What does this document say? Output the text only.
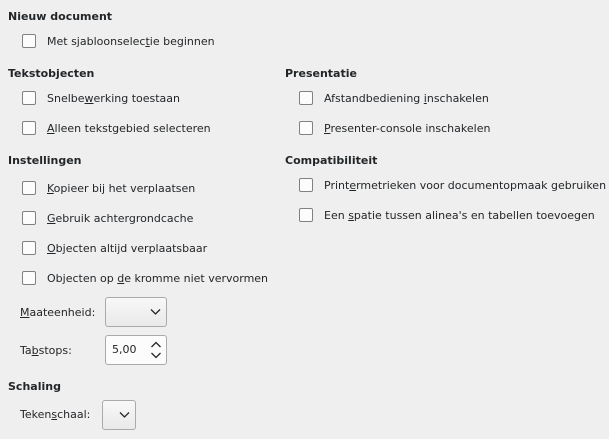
Nieuw document
Met sjabloonselectie beginnen
Tekstobjecten
Snelbewerking toestaan
Alleen tekstgebied selecteren
Presentatie
Afstandbediening inschakelen
Presenter-console inschakelen
Instellingen
Kopieer bij het verplaatsen
Gebruik achtergrondcache
Objecten altijd verplaatsbaar
Objecten op de kromme niet vervormen
Maateenheid:
Tabstops:	5,00
Compatibiliteit
Printermetrieken voor documentopmaak gebruiken
Een spatie tussen alinea's en tabellen toevoegen
Schaling
Tekenschaal:
